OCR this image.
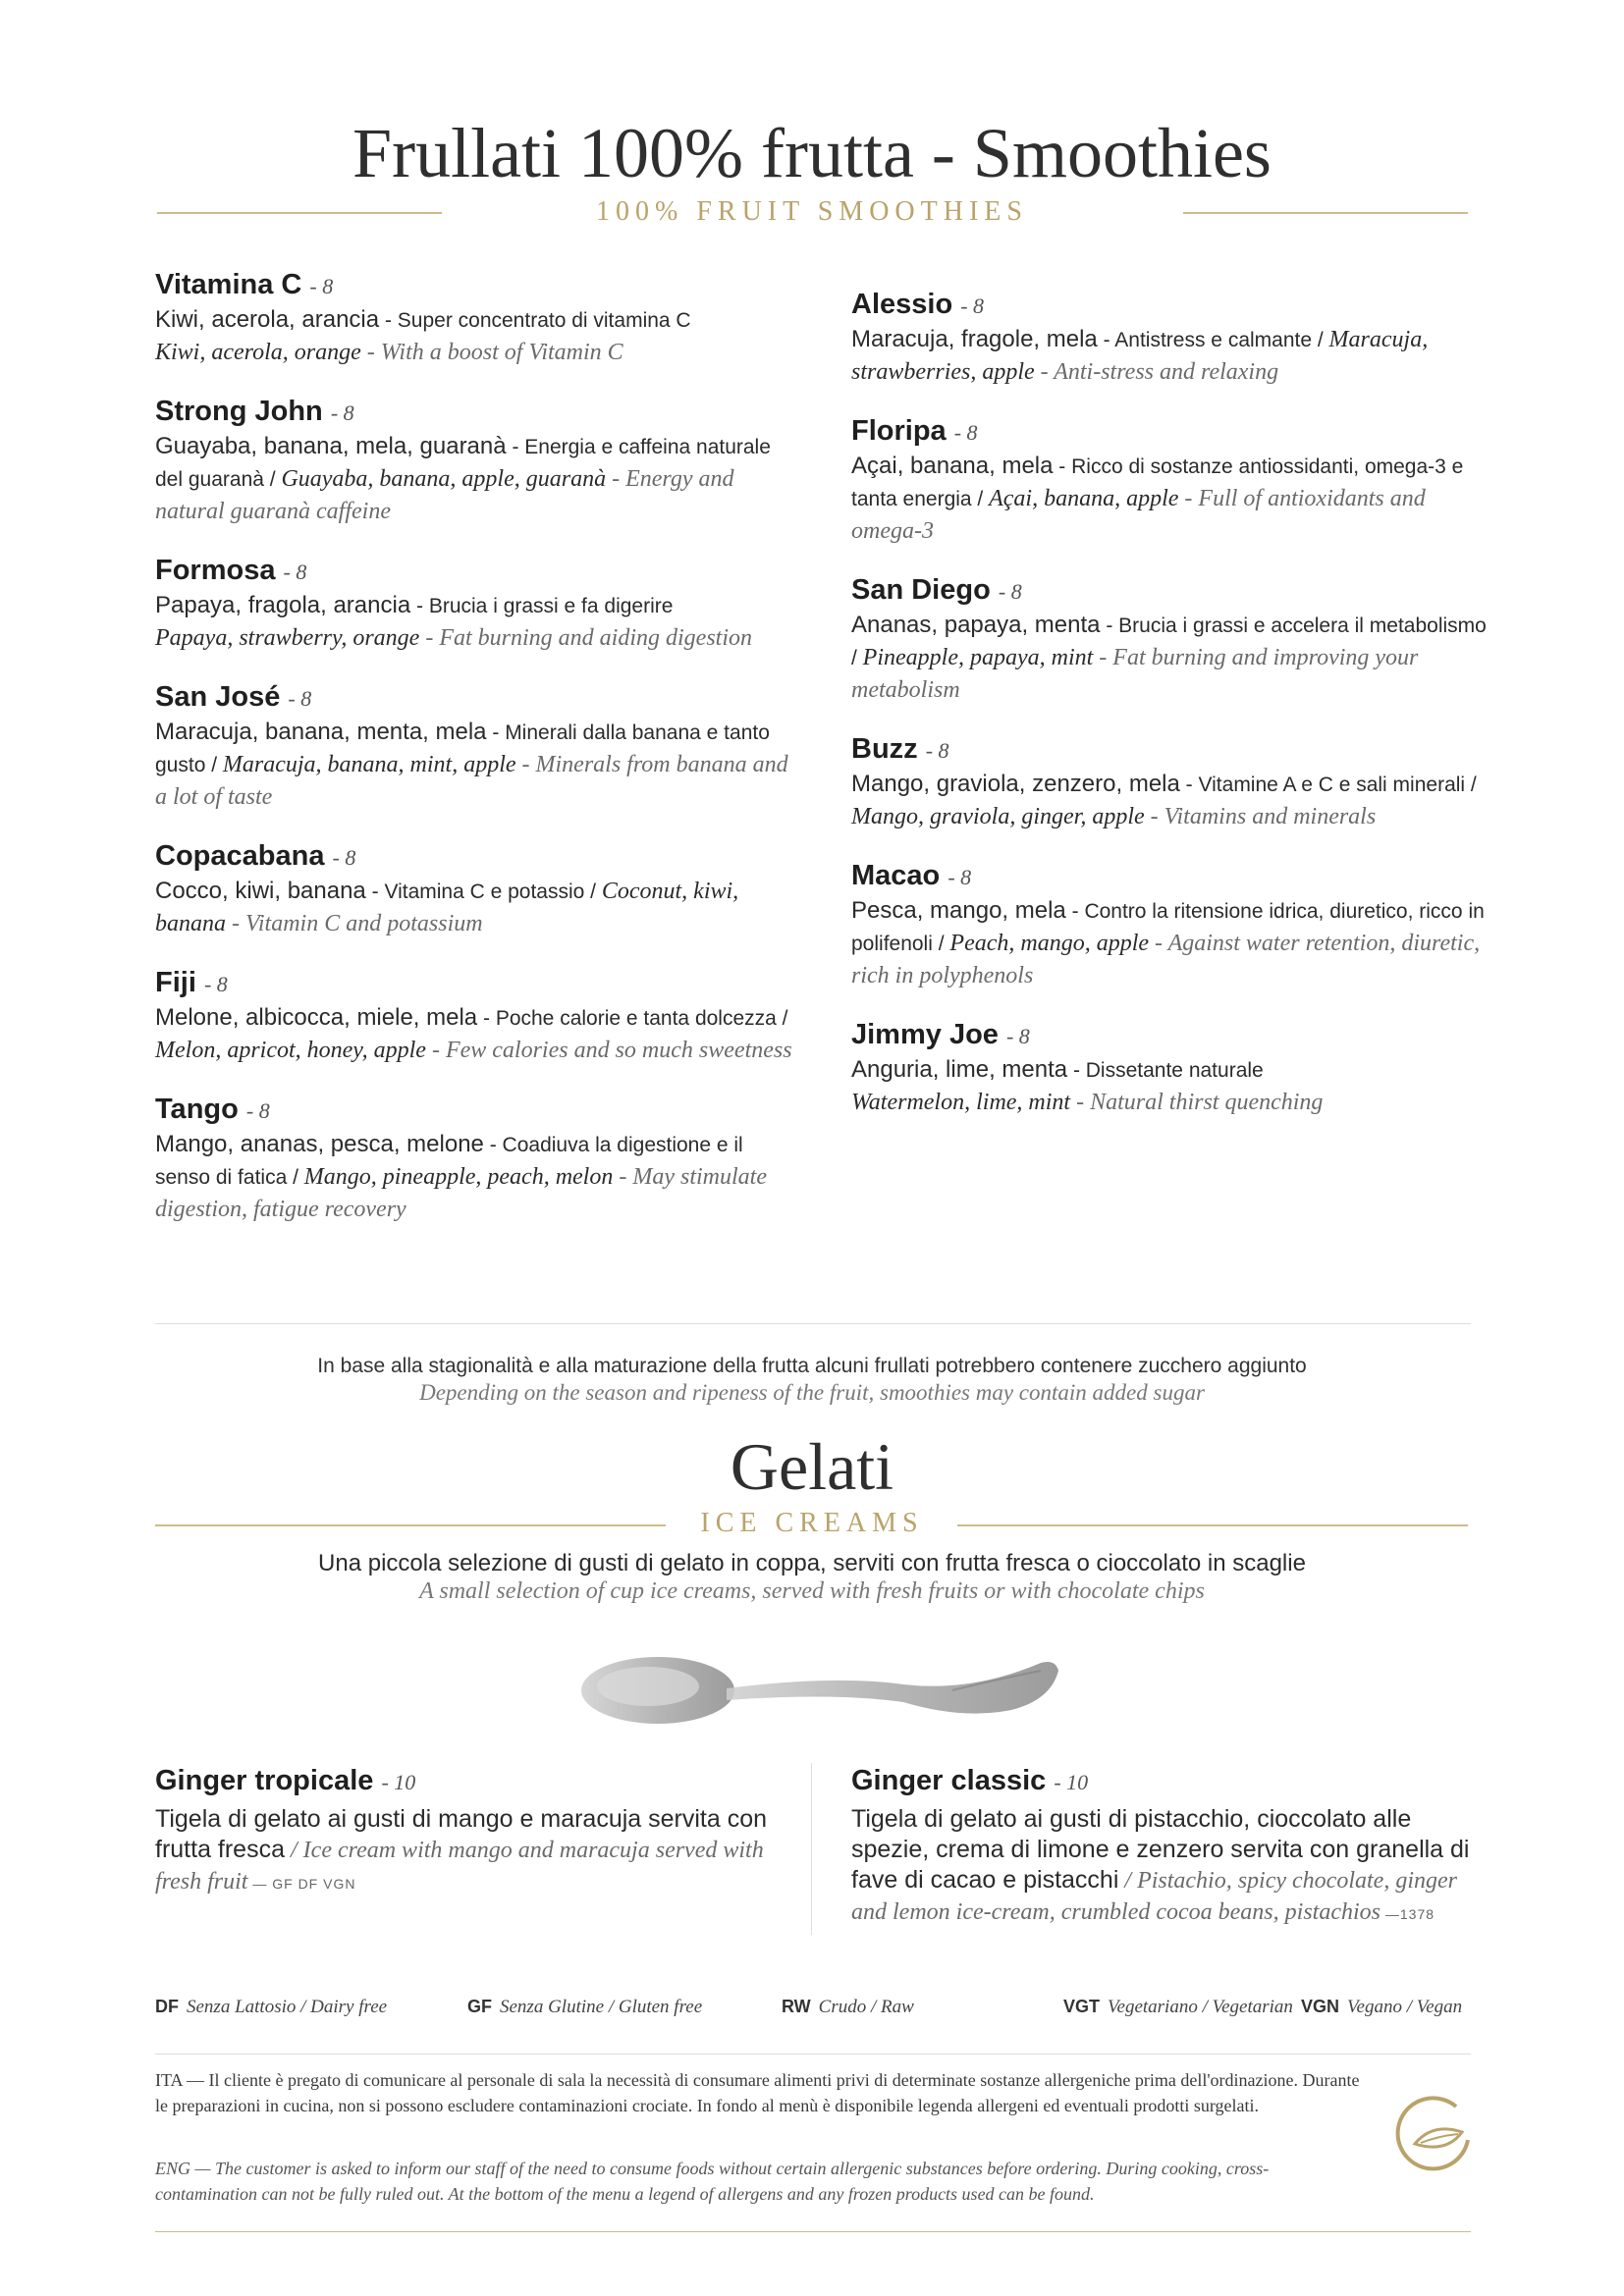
Frullati 100% frutta - Smoothies
100% FRUIT SMOOTHIES
Vitamina C - 8
Kiwi, acerola, arancia - Super concentrato di vitamina C
Kiwi, acerola, orange - With a boost of Vitamin C
Strong John - 8
Guayaba, banana, mela, guaranà - Energia e caffeina naturale del guaranà / Guayaba, banana, apple, guaranà - Energy and natural guaranà caffeine
Formosa - 8
Papaya, fragola, arancia - Brucia i grassi e fa digerire
Papaya, strawberry, orange - Fat burning and aiding digestion
San José - 8
Maracuja, banana, menta, mela - Minerali dalla banana e tanto gusto / Maracuja, banana, mint, apple - Minerals from banana and a lot of taste
Copacabana - 8
Cocco, kiwi, banana - Vitamina C e potassio / Coconut, kiwi, banana - Vitamin C and potassium
Fiji - 8
Melone, albicocca, miele, mela - Poche calorie e tanta dolcezza / Melon, apricot, honey, apple - Few calories and so much sweetness
Tango - 8
Mango, ananas, pesca, melone - Coadiuva la digestione e il senso di fatica / Mango, pineapple, peach, melon - May stimulate digestion, fatigue recovery
Alessio - 8
Maracuja, fragole, mela - Antistress e calmante / Maracuja, strawberries, apple - Anti-stress and relaxing
Floripa - 8
Açai, banana, mela - Ricco di sostanze antiossidanti, omega-3 e tanta energia / Açai, banana, apple - Full of antioxidants and omega-3
San Diego - 8
Ananas, papaya, menta - Brucia i grassi e accelera il metabolismo / Pineapple, papaya, mint - Fat burning and improving your metabolism
Buzz - 8
Mango, graviola, zenzero, mela - Vitamine A e C e sali minerali / Mango, graviola, ginger, apple - Vitamins and minerals
Macao - 8
Pesca, mango, mela - Contro la ritensione idrica, diuretico, ricco in polifenoli / Peach, mango, apple - Against water retention, diuretic, rich in polyphenols
Jimmy Joe - 8
Anguria, lime, menta - Dissetante naturale
Watermelon, lime, mint - Natural thirst quenching
In base alla stagionalità e alla maturazione della frutta alcuni frullati potrebbero contenere zucchero aggiunto
Depending on the season and ripeness of the fruit, smoothies may contain added sugar
Gelati
ICE CREAMS
Una piccola selezione di gusti di gelato in coppa, serviti con frutta fresca o cioccolato in scaglie
A small selection of cup ice creams, served with fresh fruits or with chocolate chips
Ginger tropicale - 10
Tigela di gelato ai gusti di mango e maracuja servita con frutta fresca / Ice cream with mango and maracuja served with fresh fruit — GF DF VGN
Ginger classic - 10
Tigela di gelato ai gusti di pistacchio, cioccolato alle spezie, crema di limone e zenzero servita con granella di fave di cacao e pistacchi / Pistachio, spicy chocolate, ginger and lemon ice-cream, crumbled cocoa beans, pistachios —1378
DF Senza Lattosio / Dairy free	GF Senza Glutine / Gluten free	RW Crudo / Raw	VGT Vegetariano / Vegetarian VGN Vegano / Vegan
ITA — Il cliente è pregato di comunicare al personale di sala la necessità di consumare alimenti privi di determinate sostanze allergeniche prima dell'ordinazione. Durante le preparazioni in cucina, non si possono escludere contaminazioni crociate. In fondo al menù è disponibile legenda allergeni ed eventuali prodotti surgelati.
ENG — The customer is asked to inform our staff of the need to consume foods without certain allergenic substances before ordering. During cooking, cross-contamination can not be fully ruled out. At the bottom of the menu a legend of allergens and any frozen products used can be found.
